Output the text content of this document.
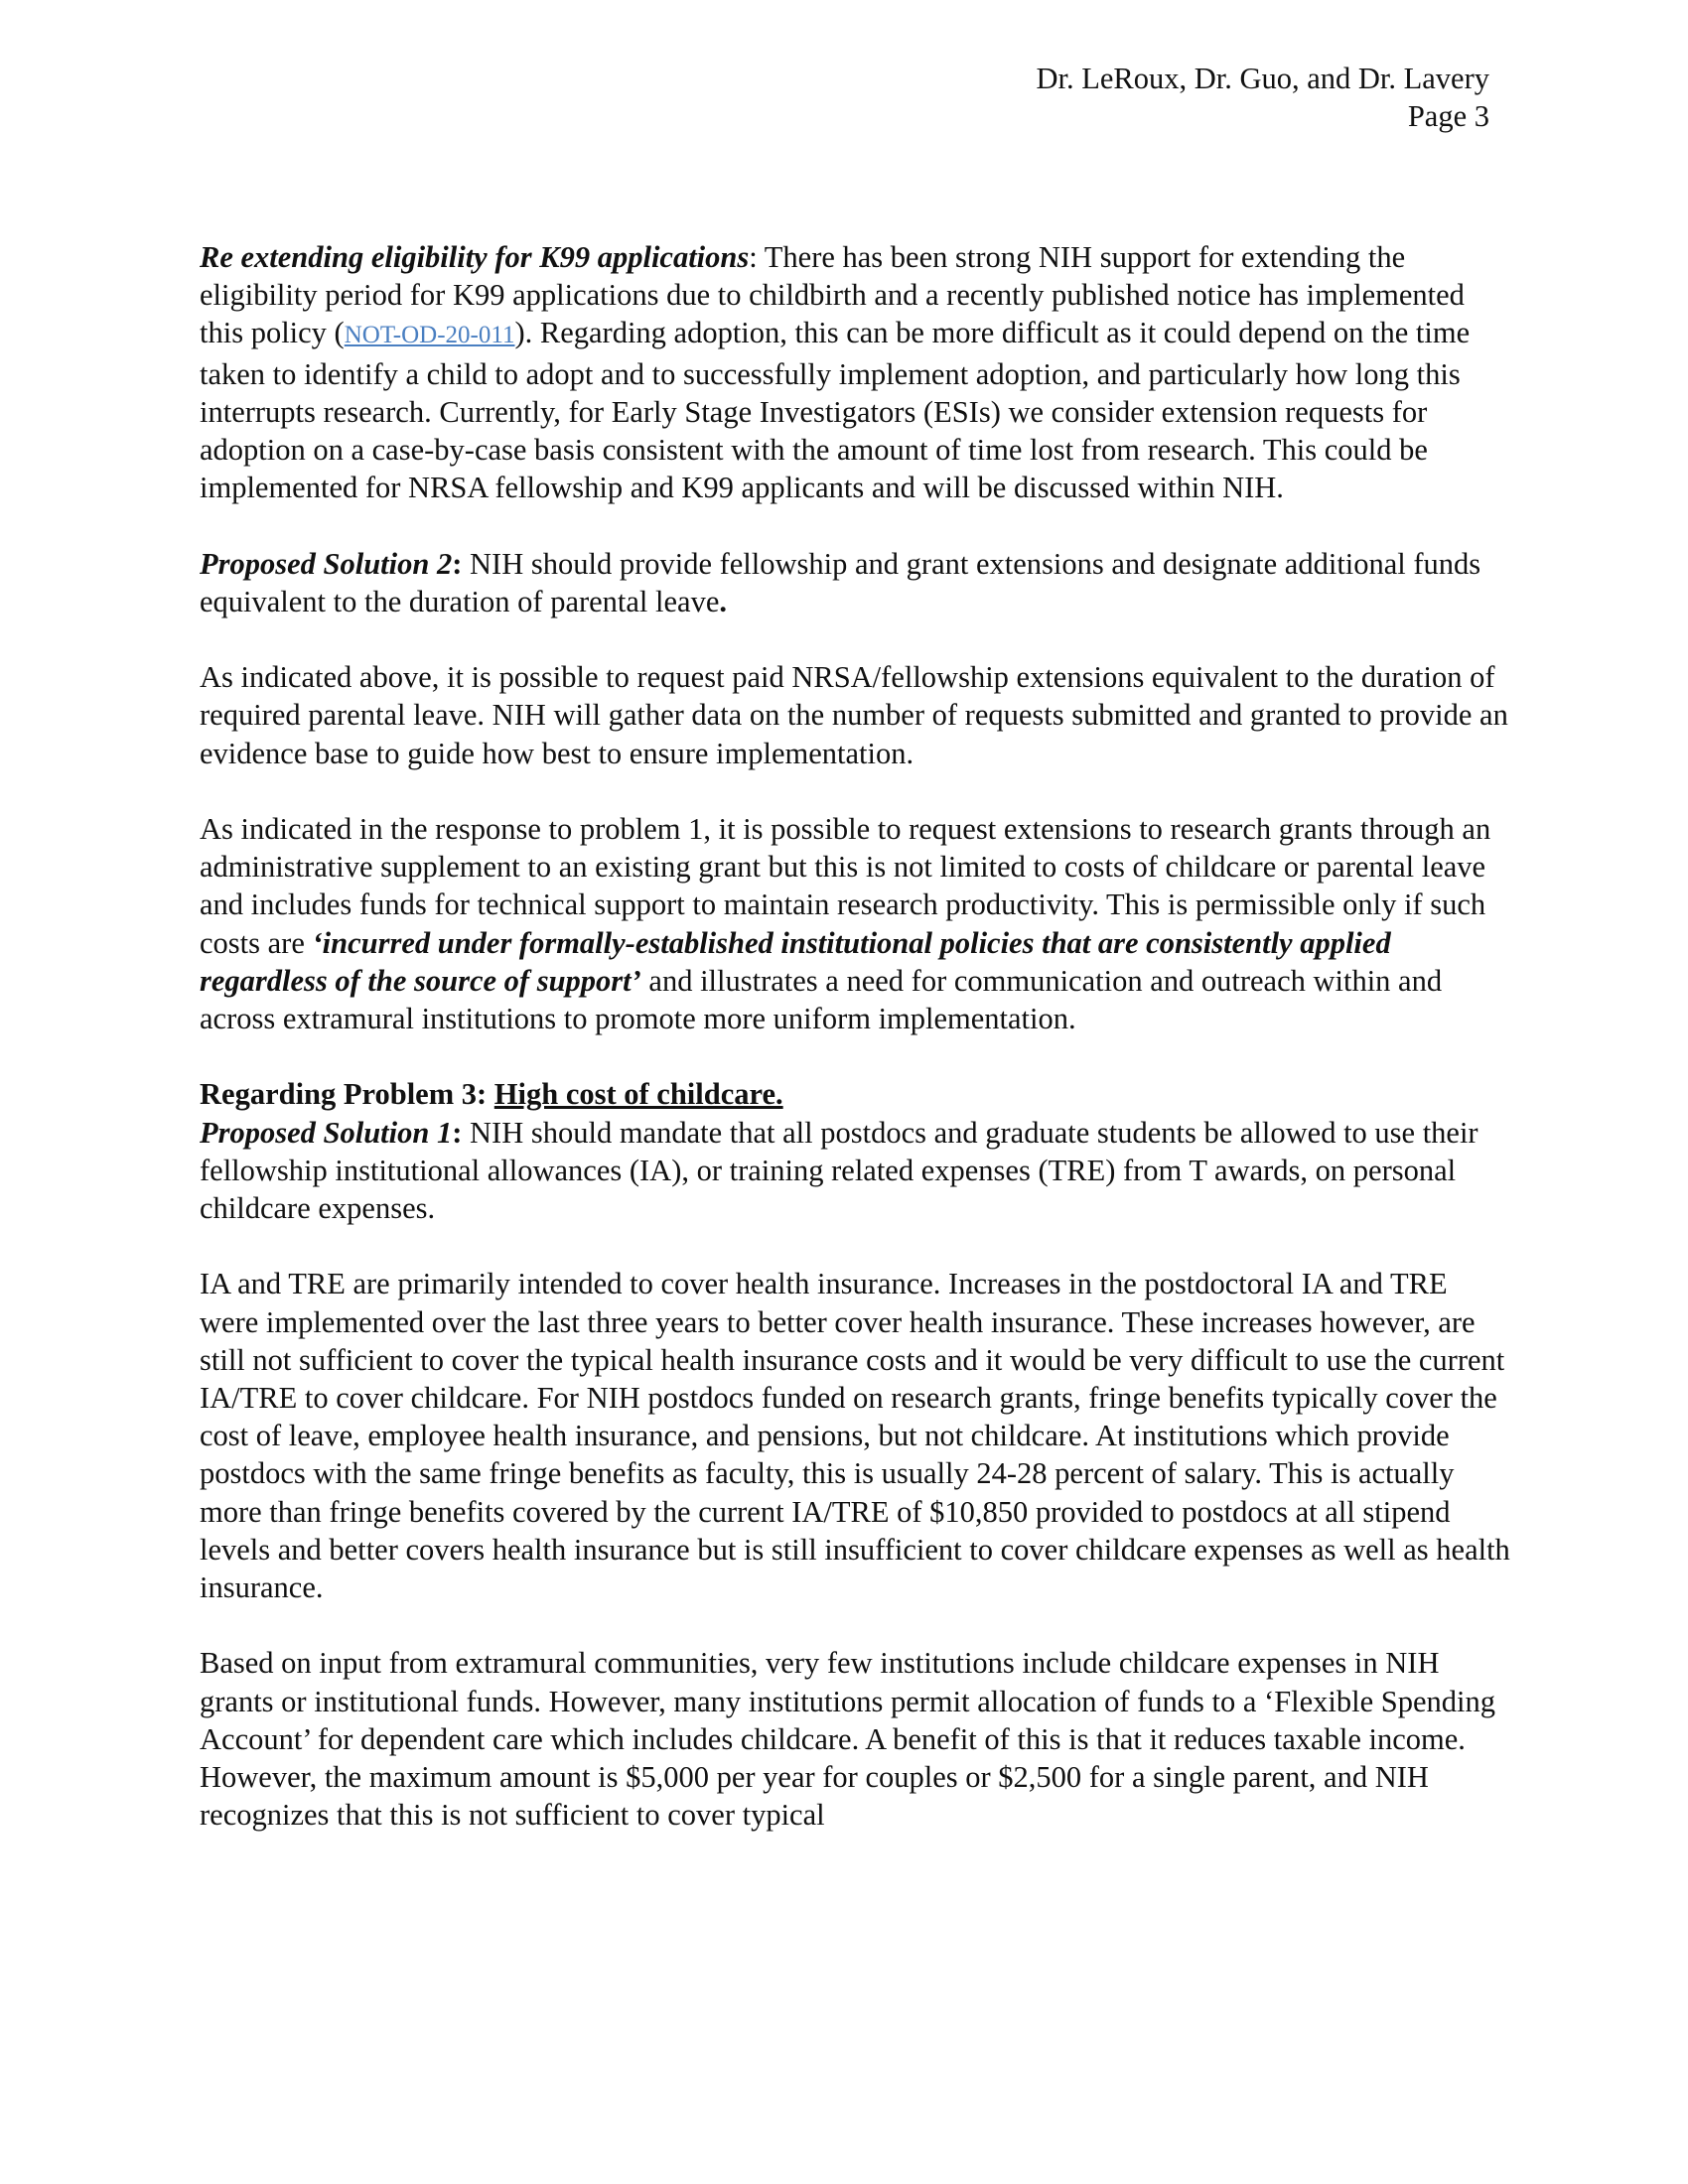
Dr. LeRoux, Dr. Guo, and Dr. Lavery
Page 3

Re extending eligibility for K99 applications: There has been strong NIH support for extending the eligibility period for K99 applications due to childbirth and a recently published notice has implemented this policy (NOT-OD-20-011). Regarding adoption, this can be more difficult as it could depend on the time taken to identify a child to adopt and to successfully implement adoption, and particularly how long this interrupts research. Currently, for Early Stage Investigators (ESIs) we consider extension requests for adoption on a case-by-case basis consistent with the amount of time lost from research. This could be implemented for NRSA fellowship and K99 applicants and will be discussed within NIH.

Proposed Solution 2: NIH should provide fellowship and grant extensions and designate additional funds equivalent to the duration of parental leave.

As indicated above, it is possible to request paid NRSA/fellowship extensions equivalent to the duration of required parental leave. NIH will gather data on the number of requests submitted and granted to provide an evidence base to guide how best to ensure implementation.

As indicated in the response to problem 1, it is possible to request extensions to research grants through an administrative supplement to an existing grant but this is not limited to costs of childcare or parental leave and includes funds for technical support to maintain research productivity. This is permissible only if such costs are ‘incurred under formally-established institutional policies that are consistently applied regardless of the source of support’ and illustrates a need for communication and outreach within and across extramural institutions to promote more uniform implementation.

Regarding Problem 3: High cost of childcare.

Proposed Solution 1: NIH should mandate that all postdocs and graduate students be allowed to use their fellowship institutional allowances (IA), or training related expenses (TRE) from T awards, on personal childcare expenses.

IA and TRE are primarily intended to cover health insurance. Increases in the postdoctoral IA and TRE were implemented over the last three years to better cover health insurance. These increases however, are still not sufficient to cover the typical health insurance costs and it would be very difficult to use the current IA/TRE to cover childcare. For NIH postdocs funded on research grants, fringe benefits typically cover the cost of leave, employee health insurance, and pensions, but not childcare. At institutions which provide postdocs with the same fringe benefits as faculty, this is usually 24-28 percent of salary. This is actually more than fringe benefits covered by the current IA/TRE of $10,850 provided to postdocs at all stipend levels and better covers health insurance but is still insufficient to cover childcare expenses as well as health insurance.

Based on input from extramural communities, very few institutions include childcare expenses in NIH grants or institutional funds. However, many institutions permit allocation of funds to a ‘Flexible Spending Account’ for dependent care which includes childcare. A benefit of this is that it reduces taxable income. However, the maximum amount is $5,000 per year for couples or $2,500 for a single parent, and NIH recognizes that this is not sufficient to cover typical
